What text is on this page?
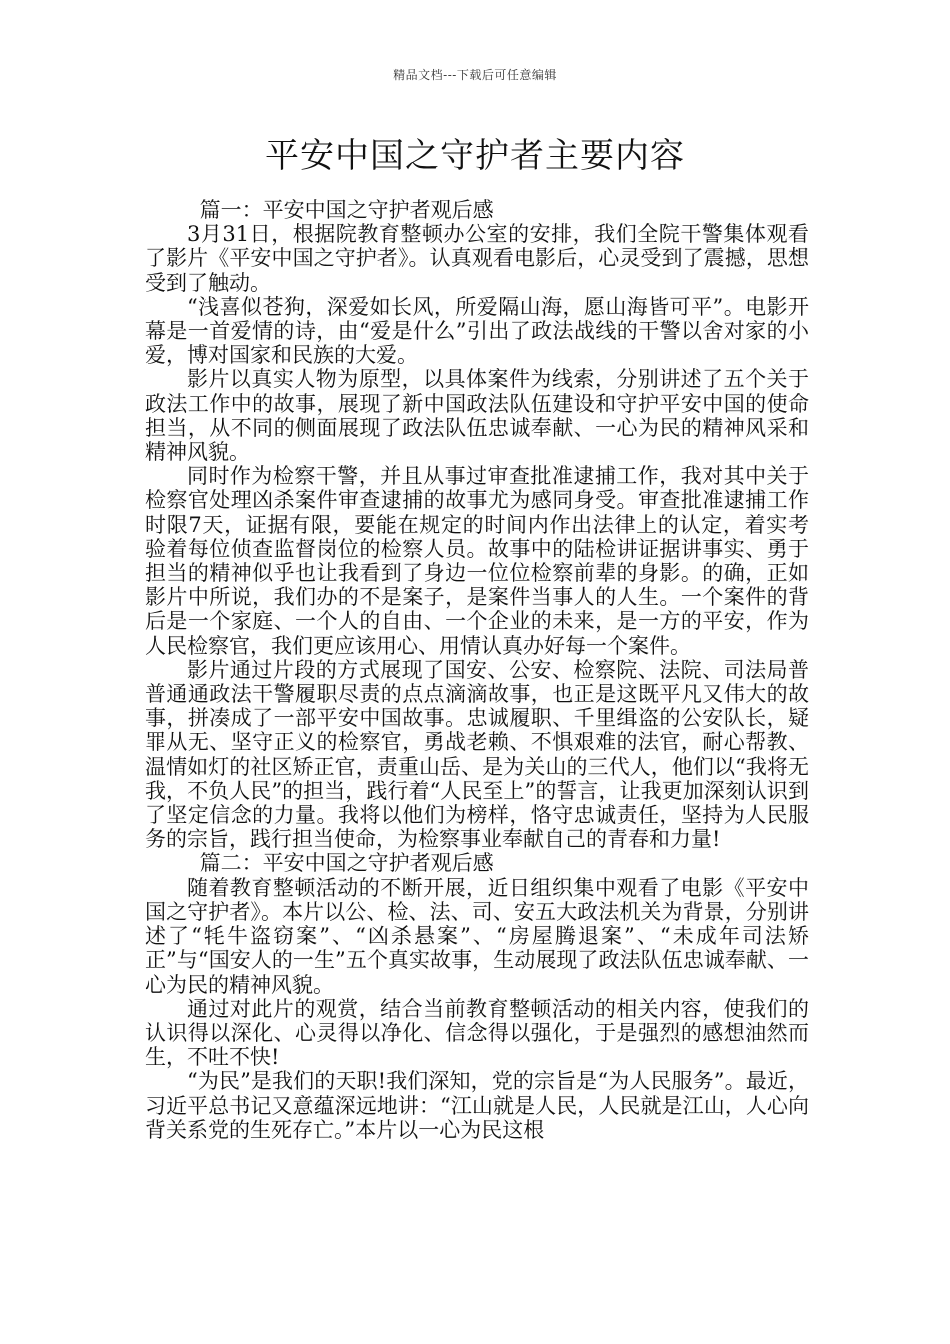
精品文档---下载后可任意编辑
平安中国之守护者主要内容

篇一：平安中国之守护者观后感

3月31日，根据院教育整顿办公室的安排，我们全院干警集体观看了影片《平安中国之守护者》。认真观看电影后，心灵受到了震撼，思想受到了触动。

“浅喜似苍狗，深爱如长风，所爱隔山海，愿山海皆可平”。电影开幕是一首爱情的诗，由“爱是什么”引出了政法战线的干警以舍对家的小爱，博对国家和民族的大爱。

影片以真实人物为原型，以具体案件为线索，分别讲述了五个关于政法工作中的故事，展现了新中国政法队伍建设和守护平安中国的使命担当，从不同的侧面展现了政法队伍忠诚奉献、一心为民的精神风采和精神风貌。

同时作为检察干警，并且从事过审查批准逮捕工作，我对其中关于检察官处理凶杀案件审查逮捕的故事尤为感同身受。审查批准逮捕工作时限7天，证据有限，要能在规定的时间内作出法律上的认定，着实考验着每位侦查监督岗位的检察人员。故事中的陆检讲证据讲事实、勇于担当的精神似乎也让我看到了身边一位位检察前辈的身影。的确，正如影片中所说，我们办的不是案子，是案件当事人的人生。一个案件的背后是一个家庭、一个人的自由、一个企业的未来，是一方的平安，作为人民检察官，我们更应该用心、用情认真办好每一个案件。

影片通过片段的方式展现了国安、公安、检察院、法院、司法局普普通通政法干警履职尽责的点点滴滴故事，也正是这既平凡又伟大的故事，拼凑成了一部平安中国故事。忠诚履职、千里缉盗的公安队长，疑罪从无、坚守正义的检察官，勇战老赖、不惧艰难的法官，耐心帮教、温情如灯的社区矫正官，责重山岳、是为关山的三代人，他们以“我将无我，不负人民”的担当，践行着“人民至上”的誓言，让我更加深刻认识到了坚定信念的力量。我将以他们为榜样，恪守忠诚责任，坚持为人民服务的宗旨，践行担当使命，为检察事业奉献自己的青春和力量!

篇二：平安中国之守护者观后感

随着教育整顿活动的不断开展，近日组织集中观看了电影《平安中国之守护者》。本片以公、检、法、司、安五大政法机关为背景，分别讲述了“牦牛盗窃案”、“凶杀悬案”、“房屋腾退案”、“未成年司法矫正”与“国安人的一生”五个真实故事，生动展现了政法队伍忠诚奉献、一心为民的精神风貌。

通过对此片的观赏，结合当前教育整顿活动的相关内容，使我们的认识得以深化、心灵得以净化、信念得以强化，于是强烈的感想油然而生，不吐不快!

“为民”是我们的天职!我们深知，党的宗旨是“为人民服务”。最近，习近平总书记又意蕴深远地讲：“江山就是人民，人民就是江山，人心向背关系党的生死存亡。”本片以一心为民这根
